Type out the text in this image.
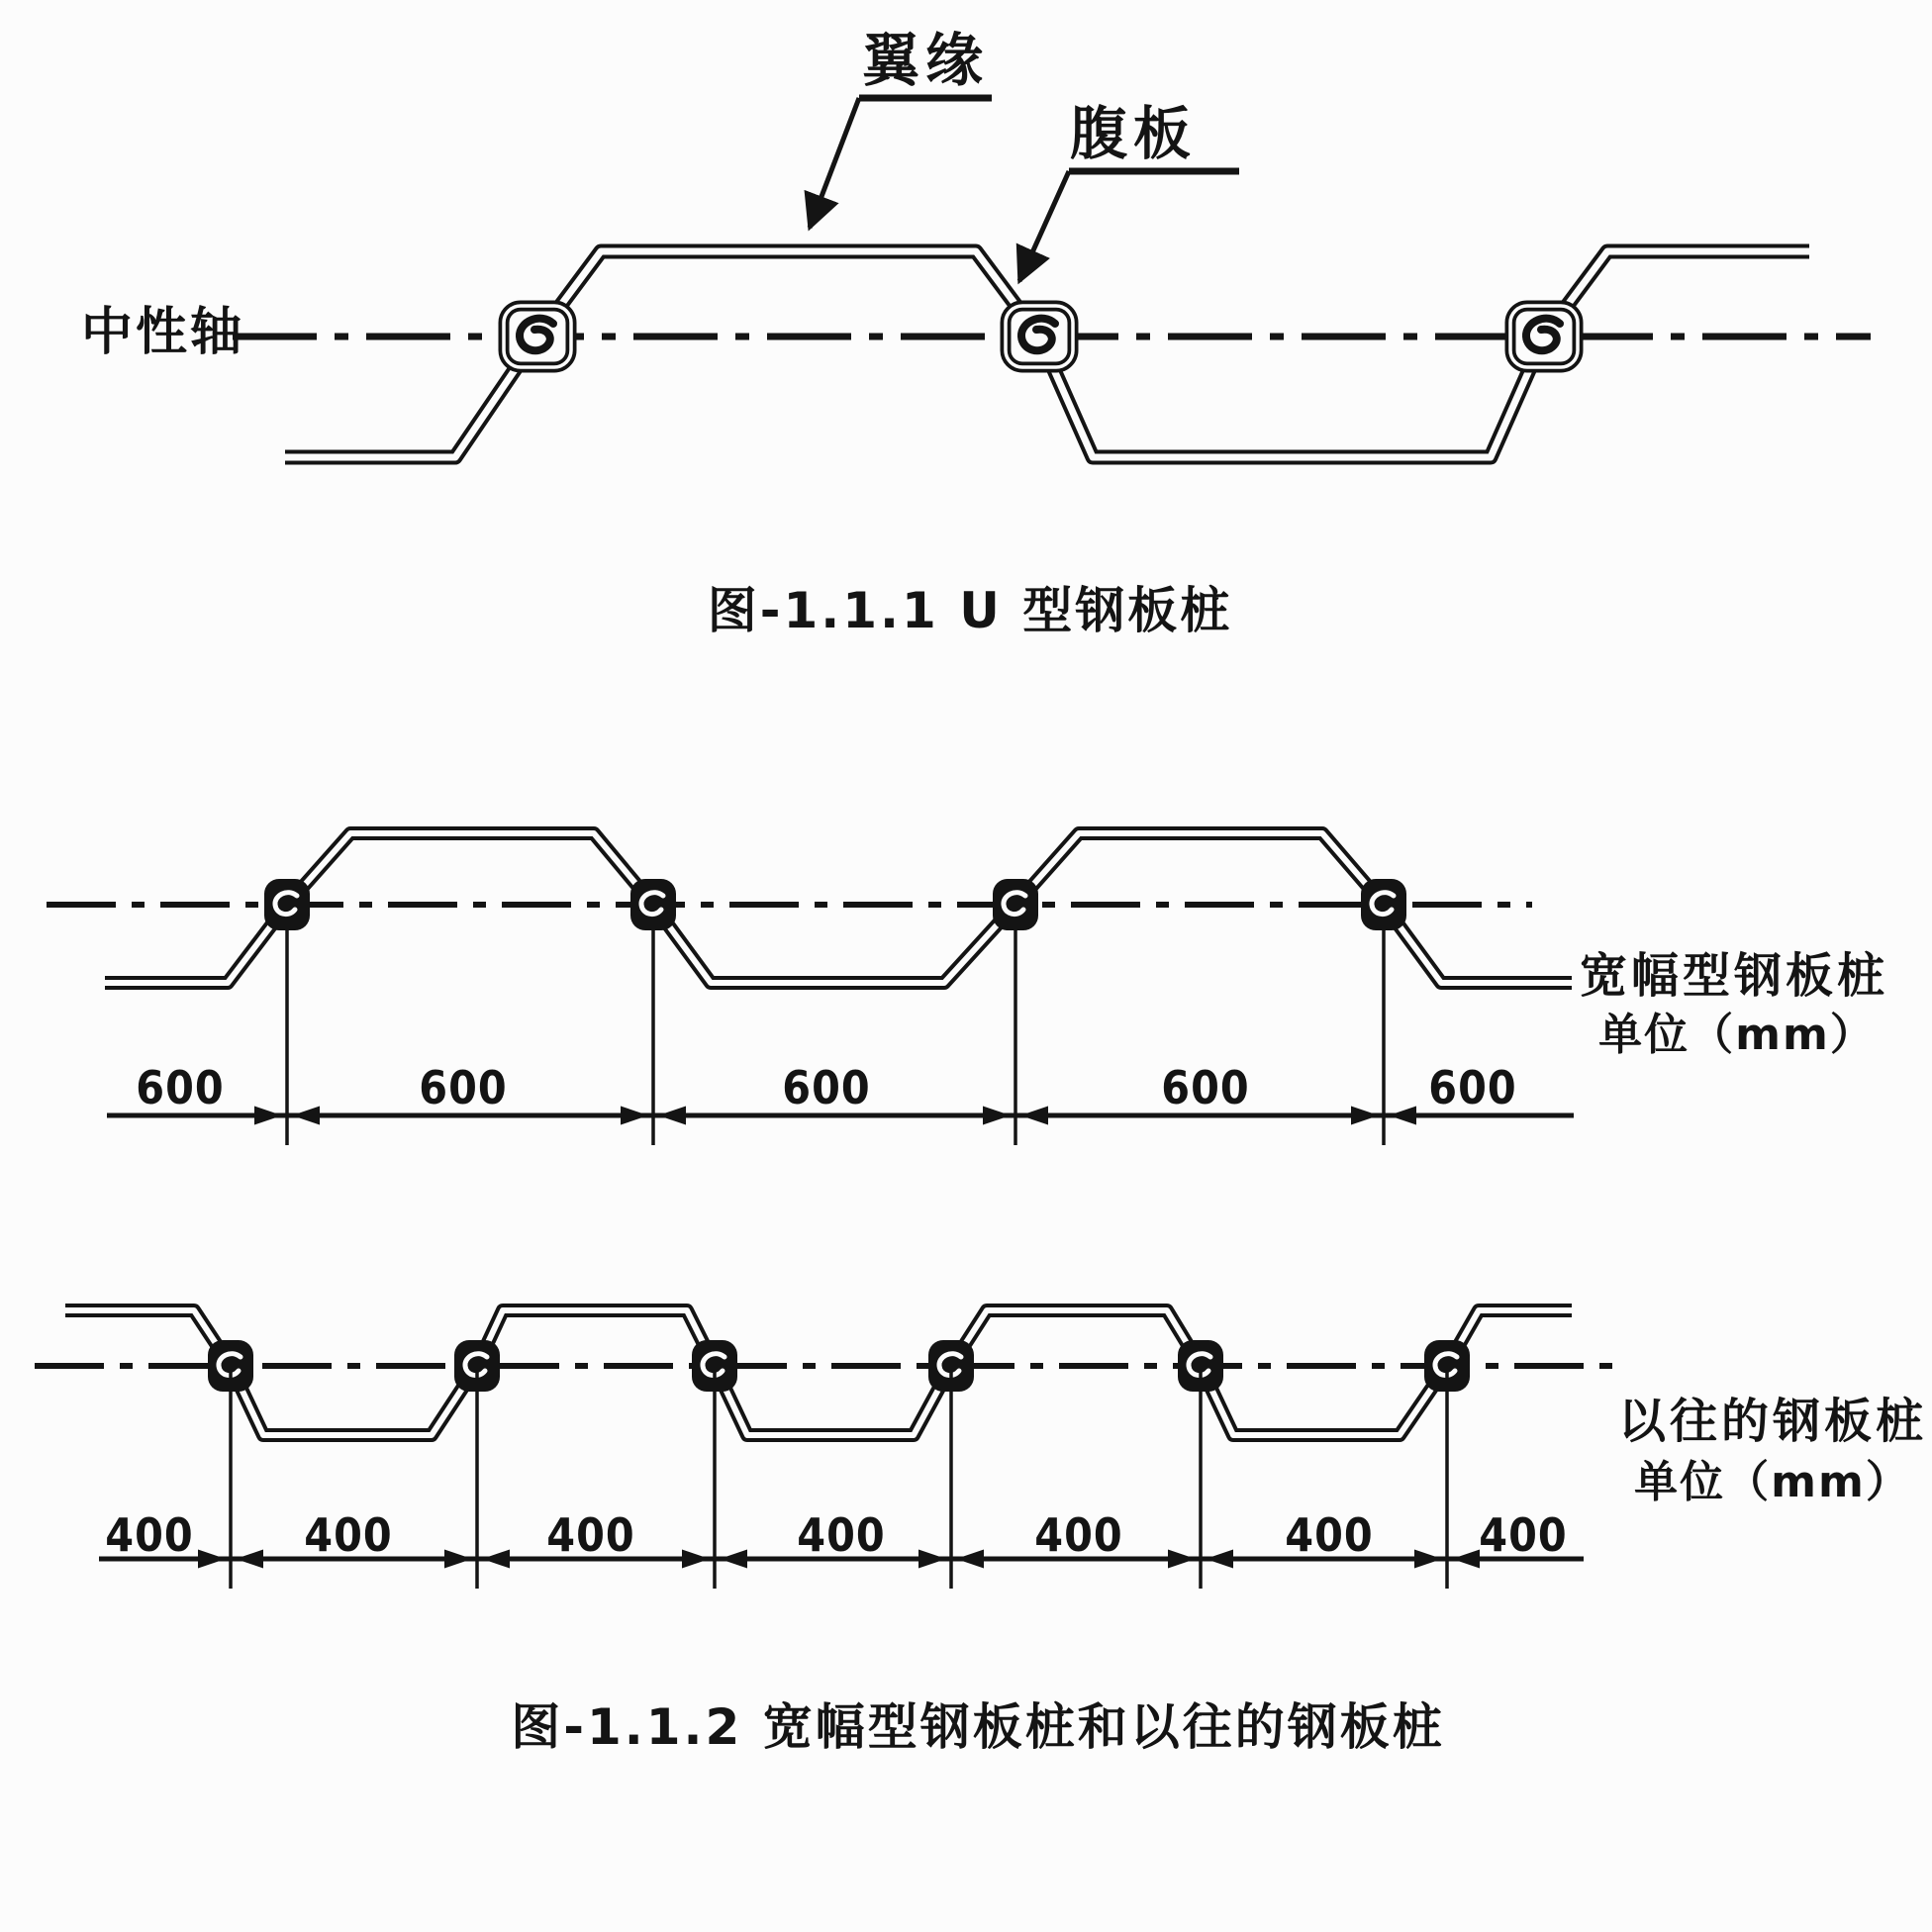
翼缘
腹板
中性轴
图-1.1.1 U 型钢板桩
600	600	600	600	600
宽幅型钢板桩
单位（mm）
400 400	400	400	400	400 400
以往的钢板桩
单位（mm）
图-1.1.2 宽幅型钢板桩和以往的钢板桩
